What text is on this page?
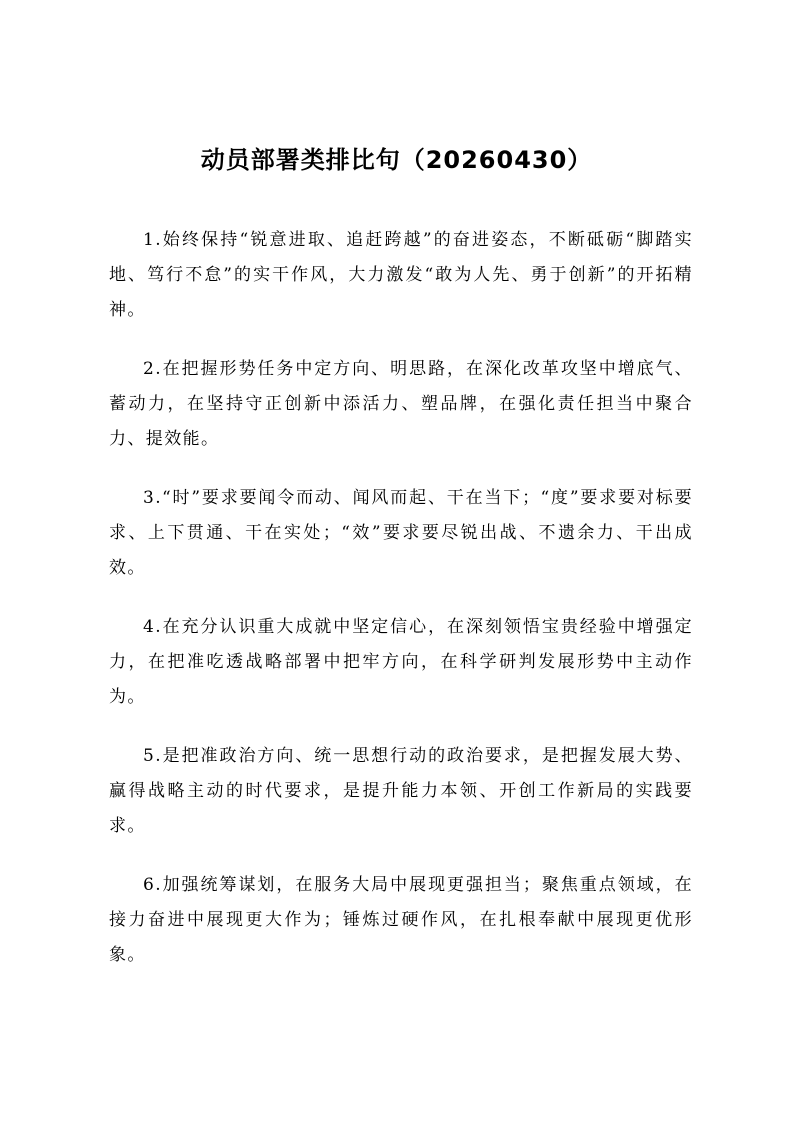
动员部署类排比句（20260430）

1.始终保持“锐意进取、追赶跨越”的奋进姿态，不断砥砺“脚踏实地、笃行不怠”的实干作风，大力激发“敢为人先、勇于创新”的开拓精神。

2.在把握形势任务中定方向、明思路，在深化改革攻坚中增底气、蓄动力，在坚持守正创新中添活力、塑品牌，在强化责任担当中聚合力、提效能。

3.“时”要求要闻令而动、闻风而起、干在当下；“度”要求要对标要求、上下贯通、干在实处；“效”要求要尽锐出战、不遗余力、干出成效。

4.在充分认识重大成就中坚定信心，在深刻领悟宝贵经验中增强定力，在把准吃透战略部署中把牢方向，在科学研判发展形势中主动作为。

5.是把准政治方向、统一思想行动的政治要求，是把握发展大势、赢得战略主动的时代要求，是提升能力本领、开创工作新局的实践要求。

6.加强统筹谋划，在服务大局中展现更强担当；聚焦重点领域，在接力奋进中展现更大作为；锤炼过硬作风，在扎根奉献中展现更优形象。
